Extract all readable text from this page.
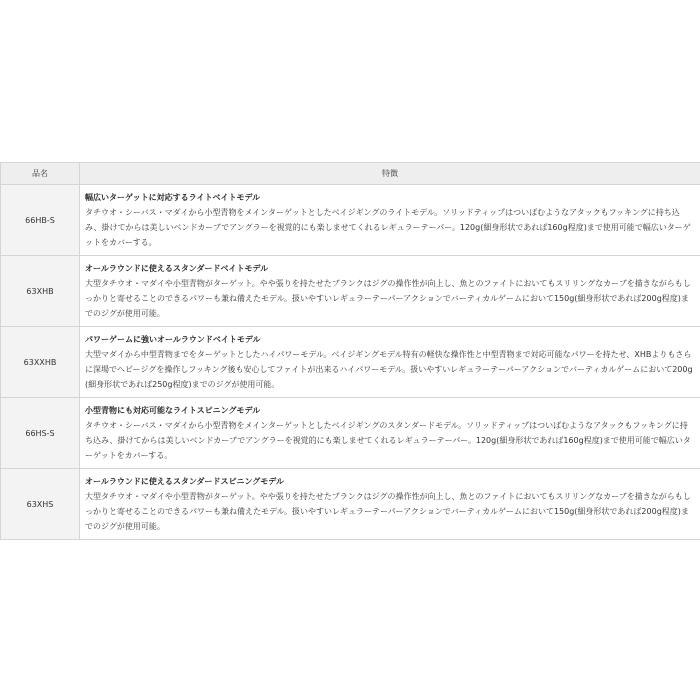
品名	特徴
66HB-S	幅広いターゲットに対応するライトベイトモデル
タチウオ・シーバス・マダイから小型青物をメインターゲットとしたベイジギングのライトモデル。ソリッドティップはついばむようなアタックもフッキングに持ち込み、掛けてからは美しいベンドカーブでアングラーを視覚的にも楽しませてくれるレギュラーテーパー。120g(細身形状であれば160g程度)まで使用可能で幅広いターゲットをカバーする。

63XHB	オールラウンドに使えるスタンダードベイトモデル
大型タチウオ・マダイや小型青物がターゲット。やや張りを持たせたブランクはジグの操作性が向上し、魚とのファイトにおいてもスリリングなカーブを描きながらもしっかりと寄せることのできるパワーも兼ね備えたモデル。扱いやすいレギュラーテーパーアクションでバーティカルゲームにおいて150g(細身形状であれば200g程度)までのジグが使用可能。

63XXHB	パワーゲームに強いオールラウンドベイトモデル
大型マダイから中型青物までをターゲットとしたハイパワーモデル。ベイジギングモデル特有の軽快な操作性と中型青物まで対応可能なパワーを持たせ、XHBよりもさらに深場でヘビージグを操作しフッキング後も安心してファイトが出来るハイパワーモデル。扱いやすいレギュラーテーパーアクションでバーティカルゲームにおいて200g(細身形状であれば250g程度)までのジグが使用可能。

66HS-S	小型青物にも対応可能なライトスピニングモデル
タチウオ・シーバス・マダイから小型青物をメインターゲットとしたベイジギングのスタンダードモデル。ソリッドティップはついばむようなアタックもフッキングに持ち込み、掛けてからは美しいベンドカーブでアングラーを視覚的にも楽しませてくれるレギュラーテーパー。120g(細身形状であれば160g程度)まで使用可能で幅広いターゲットをカバーする。

63XHS	オールラウンドに使えるスタンダードスピニングモデル
大型タチウオ・マダイや小型青物がターゲット。やや張りを持たせたブランクはジグの操作性が向上し、魚とのファイトにおいてもスリリングなカーブを描きながらもしっかりと寄せることのできるパワーも兼ね備えたモデル。扱いやすいレギュラーテーパーアクションでバーティカルゲームにおいて150g(細身形状であれば200g程度)までのジグが使用可能。
